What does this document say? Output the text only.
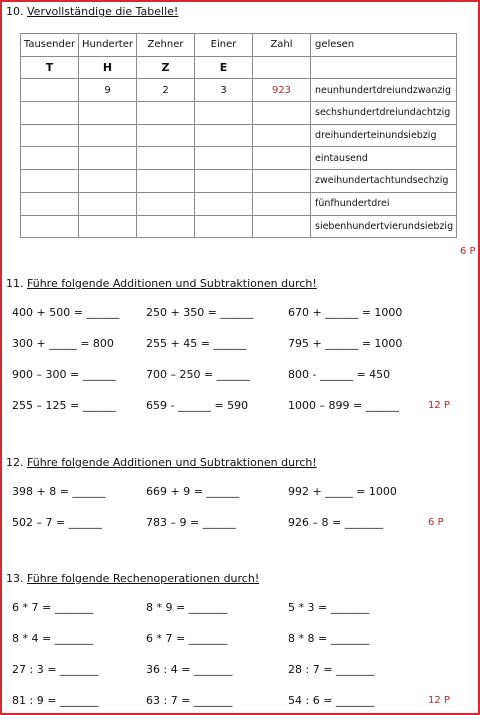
10. Vervollständige die Tabelle!
Tausender	Hunderter	Zehner	Einer	Zahl	gelesen
T	H	Z	E		
	9	2	3	923	neunhundertdreiundzwanzig
					sechshundertdreiundachtzig
					dreihunderteinundsiebzig
					eintausend
					zweihundertachtundsechzig
					fünfhundertdrei
					siebenhundertvierundsiebzig
6 P
11. Führe folgende Additionen und Subtraktionen durch!
400 + 500 = ______ 250 + 350 = ______	670 + ______ = 1000
300 + _____ = 800	255 + 45 = ______	795 + ______ = 1000
900 – 300 = ______	700 – 250 = ______	800 - ______ = 450
255 – 125 = ______	659 - ______ = 590	1000 – 899 = ______	12 P
12. Führe folgende Additionen und Subtraktionen durch!
398 + 8 = ______	669 + 9 = ______	992 + _____ = 1000
502 – 7 = ______	783 – 9 = ______	926 – 8 = _______	6 P
13. Führe folgende Rechenoperationen durch!
6 * 7 = _______	8 * 9 = _______	5 * 3 = _______
8 * 4 = _______	6 * 7 = _______	8 * 8 = _______
27 : 3 = _______	36 : 4 = _______	28 : 7 = _______
81 : 9 = _______	63 : 7 = _______	54 : 6 = _______	12 P
